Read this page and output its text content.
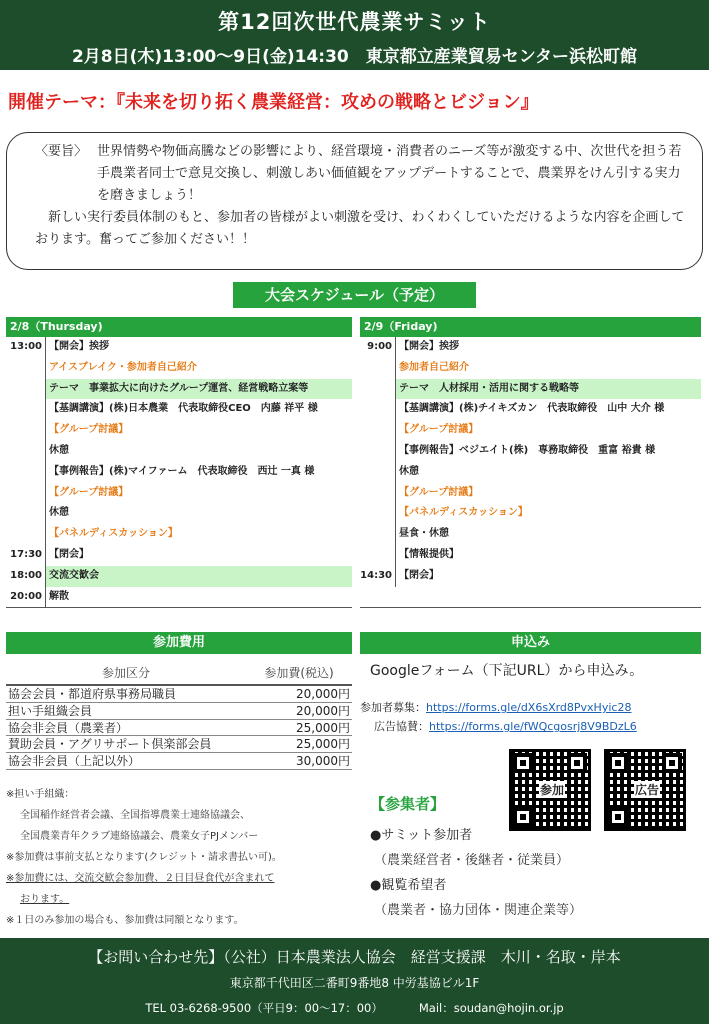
第12回次世代農業サミット
2月8日(木)13:00～9日(金)14:30　東京都立産業貿易センター浜松町館
開催テーマ：『未来を切り拓く農業経営：攻めの戦略とビジョン』
〈要旨〉 世界情勢や物価高騰などの影響により、経営環境・消費者のニーズ等が激変する中、次世代を担う若手農業者同士で意見交換し、刺激しあい価値観をアップデートすることで、農業界をけん引する実力を磨きましょう！

　新しい実行委員体制のもと、参加者の皆様がよい刺激を受け、わくわくしていただけるような内容を企画しております。奮ってご参加ください！！

大会スケジュール（予定）
2/8（Thursday)
13:00 【開会】挨拶
アイスブレイク・参加者自己紹介
テーマ　事業拡大に向けたグループ運営、経営戦略立案等
【基調講演】(株)日本農業　代表取締役CEO　内藤 祥平 様
【グループ討議】
休憩
【事例報告】(株)マイファーム　代表取締役　西辻 一真 様
【グループ討議】
休憩
【パネルディスカッション】
17:30 【閉会】
18:00 交流交歓会
20:00 解散
2/9（Friday)
9:00 【開会】挨拶
参加者自己紹介
テーマ　人材採用・活用に関する戦略等
【基調講演】(株)チイキズカン　代表取締役　山中 大介 様
【グループ討議】
【事例報告】ベジエイト(株)　専務取締役　重富 裕貴 様
休憩
【グループ討議】
【パネルディスカッション】
昼食・休憩
【情報提供】
14:30 【閉会】
参加費用	申込み
参加区分	参加費(税込)
協会会員・都道府県事務局職員	20,000円
担い手組織会員	20,000円
協会非会員（農業者）	25,000円
賛助会員・アグリサポート倶楽部会員	25,000円
協会非会員（上記以外）	30,000円
※担い手組織：
全国稲作経営者会議、全国指導農業士連絡協議会、
全国農業青年クラブ連絡協議会、農業女子PJメンバー
※参加費は事前支払となります(クレジット・請求書払い可)。
※参加費には、交流交歓会参加費、２日目昼食代が含まれて
おります。
※１日のみ参加の場合も、参加費は同額となります。
Googleフォーム（下記URL）から申込み。
参加者募集：https://forms.gle/dX6sXrd8PvxHyic28
広告協賛：https://forms.gle/fWQcgosrj8V9BDzL6
参加	広告
【参集者】
●サミット参加者
（農業経営者・後継者・従業員）
●観覧希望者
（農業者・協力団体・関連企業等）
【お問い合わせ先】（公社）日本農業法人協会　経営支援課　木川・名取・岸本
東京都千代田区二番町9番地8 中労基協ビル1F
TEL 03-6268-9500（平日9：00～17：00）	Mail：soudan@hojin.or.jp
